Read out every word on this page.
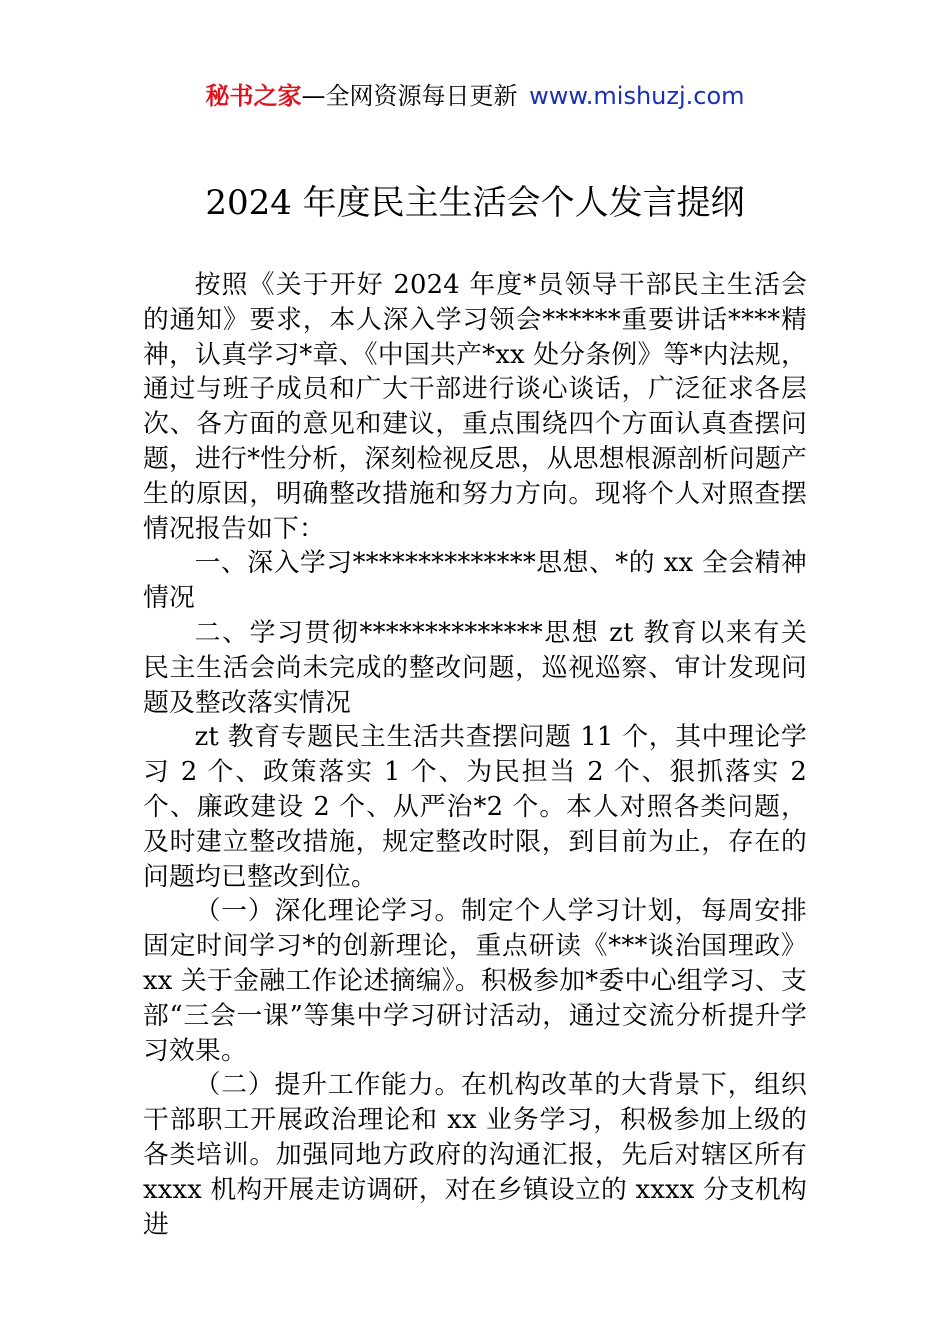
秘书之家—全网资源每日更新 www.mishuzj.com
2024 年度民主生活会个人发言提纲

按照《关于开好 2024 年度*员领导干部民主生活会的通知》要求，本人深入学习领会******重要讲话****精神，认真学习*章、《中国共产*xx 处分条例》等*内法规，通过与班子成员和广大干部进行谈心谈话，广泛征求各层次、各方面的意见和建议，重点围绕四个方面认真查摆问题，进行*性分析，深刻检视反思，从思想根源剖析问题产生的原因，明确整改措施和努力方向。现将个人对照查摆情况报告如下：

一、深入学习**************思想、*的 xx 全会精神情况

二、学习贯彻**************思想 zt 教育以来有关民主生活会尚未完成的整改问题，巡视巡察、审计发现问题及整改落实情况

zt 教育专题民主生活共查摆问题 11 个，其中理论学习 2 个、政策落实 1 个、为民担当 2 个、狠抓落实 2 个、廉政建设 2 个、从严治*2 个。本人对照各类问题，及时建立整改措施，规定整改时限，到目前为止，存在的问题均已整改到位。

（一）深化理论学习。制定个人学习计划，每周安排固定时间学习*的创新理论，重点研读《***谈治国理政》xx 关于金融工作论述摘编》。积极参加*委中心组学习、支部“三会一课”等集中学习研讨活动，通过交流分析提升学习效果。

（二）提升工作能力。在机构改革的大背景下，组织干部职工开展政治理论和 xx 业务学习，积极参加上级的各类培训。加强同地方政府的沟通汇报，先后对辖区所有 xxxx 机构开展走访调研，对在乡镇设立的 xxxx 分支机构进
